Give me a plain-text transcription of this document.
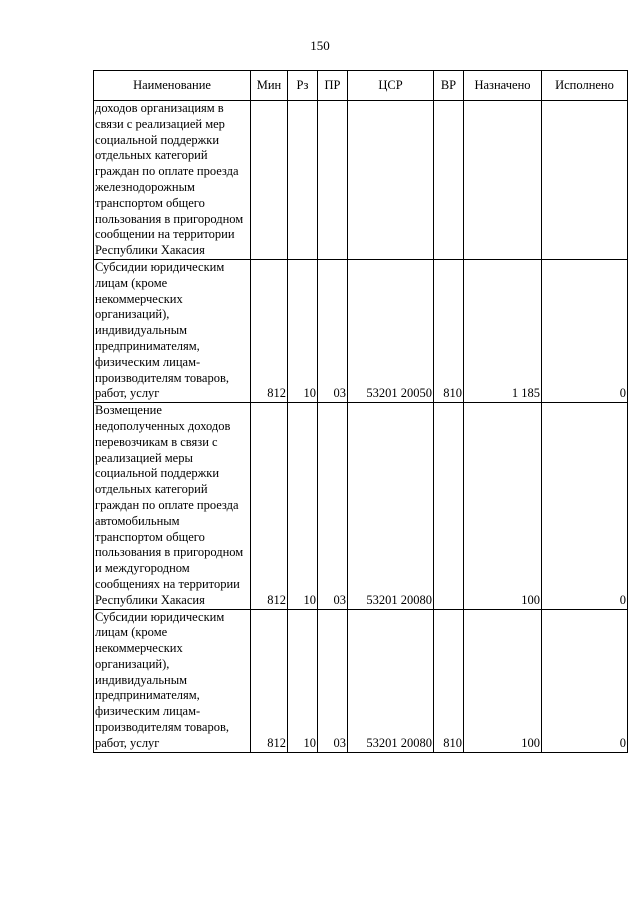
150
Наименование	Мин	Рз	ПР	ЦСР	ВР	Назначено	Исполнено
доходов организациям в связи с реализацией мер социальной поддержки отдельных категорий граждан по оплате проезда железнодорожным транспортом общего пользования в пригородном сообщении на территории Республики Хакасия							
Субсидии юридическим лицам (кроме некоммерческих организаций), индивидуальным предпринимателям, физическим лицам-производителям товаров, работ, услуг	812	10	03	53201 20050	810	1 185	0
Возмещение недополученных доходов перевозчикам в связи с реализацией меры социальной поддержки отдельных категорий граждан по оплате проезда автомобильным транспортом общего пользования в пригородном и междугородном сообщениях на территории Республики Хакасия	812	10	03	53201 20080		100	0
Субсидии юридическим лицам (кроме некоммерческих организаций), индивидуальным предпринимателям, физическим лицам-производителям товаров, работ, услуг	812	10	03	53201 20080	810	100	0
